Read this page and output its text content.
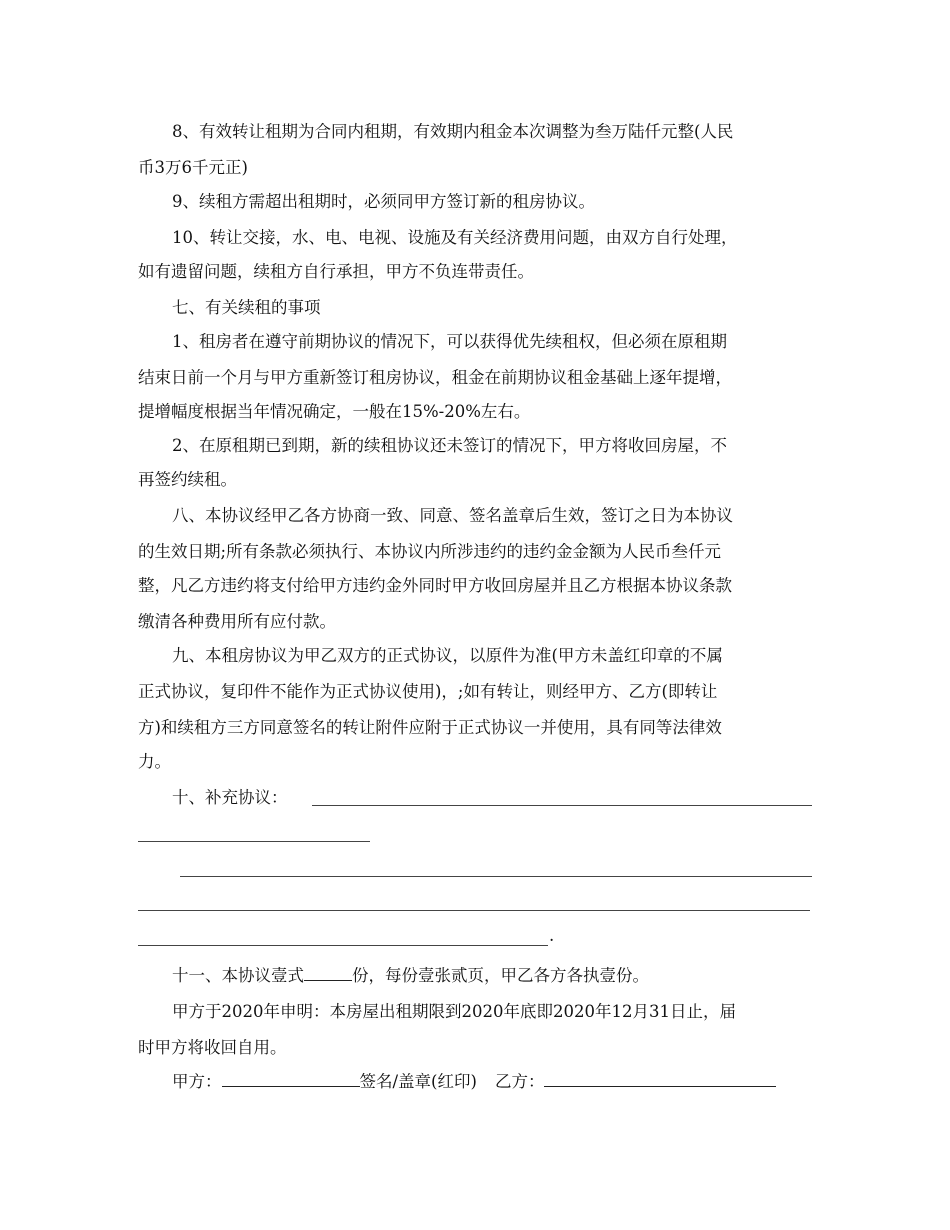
8、有效转让租期为合同内租期，有效期内租金本次调整为叁万陆仟元整(人民
币3万6千元正)
9、续租方需超出租期时，必须同甲方签订新的租房协议。
10、转让交接，水、电、电视、设施及有关经济费用问题，由双方自行处理，
如有遗留问题，续租方自行承担，甲方不负连带责任。
七、有关续租的事项
1、租房者在遵守前期协议的情况下，可以获得优先续租权，但必须在原租期
结束日前一个月与甲方重新签订租房协议，租金在前期协议租金基础上逐年提增，
提增幅度根据当年情况确定，一般在15%-20%左右。
2、在原租期已到期，新的续租协议还未签订的情况下，甲方将收回房屋，不
再签约续租。
八、本协议经甲乙各方协商一致、同意、签名盖章后生效，签订之日为本协议
的生效日期;所有条款必须执行、本协议内所涉违约的违约金金额为人民币叁仟元
整，凡乙方违约将支付给甲方违约金外同时甲方收回房屋并且乙方根据本协议条款
缴清各种费用所有应付款。
九、本租房协议为甲乙双方的正式协议，以原件为准(甲方未盖红印章的不属
正式协议，复印件不能作为正式协议使用)，;如有转让，则经甲方、乙方(即转让
方)和续租方三方同意签名的转让附件应附于正式协议一并使用，具有同等法律效
力。
十、补充协议：
.
十一、本协议壹式	份，每份壹张贰页，甲乙各方各执壹份。
甲方于2020年申明：本房屋出租期限到2020年底即2020年12月31日止，届
时甲方将收回自用。
甲方：	签名/盖章(红印) 乙方：
